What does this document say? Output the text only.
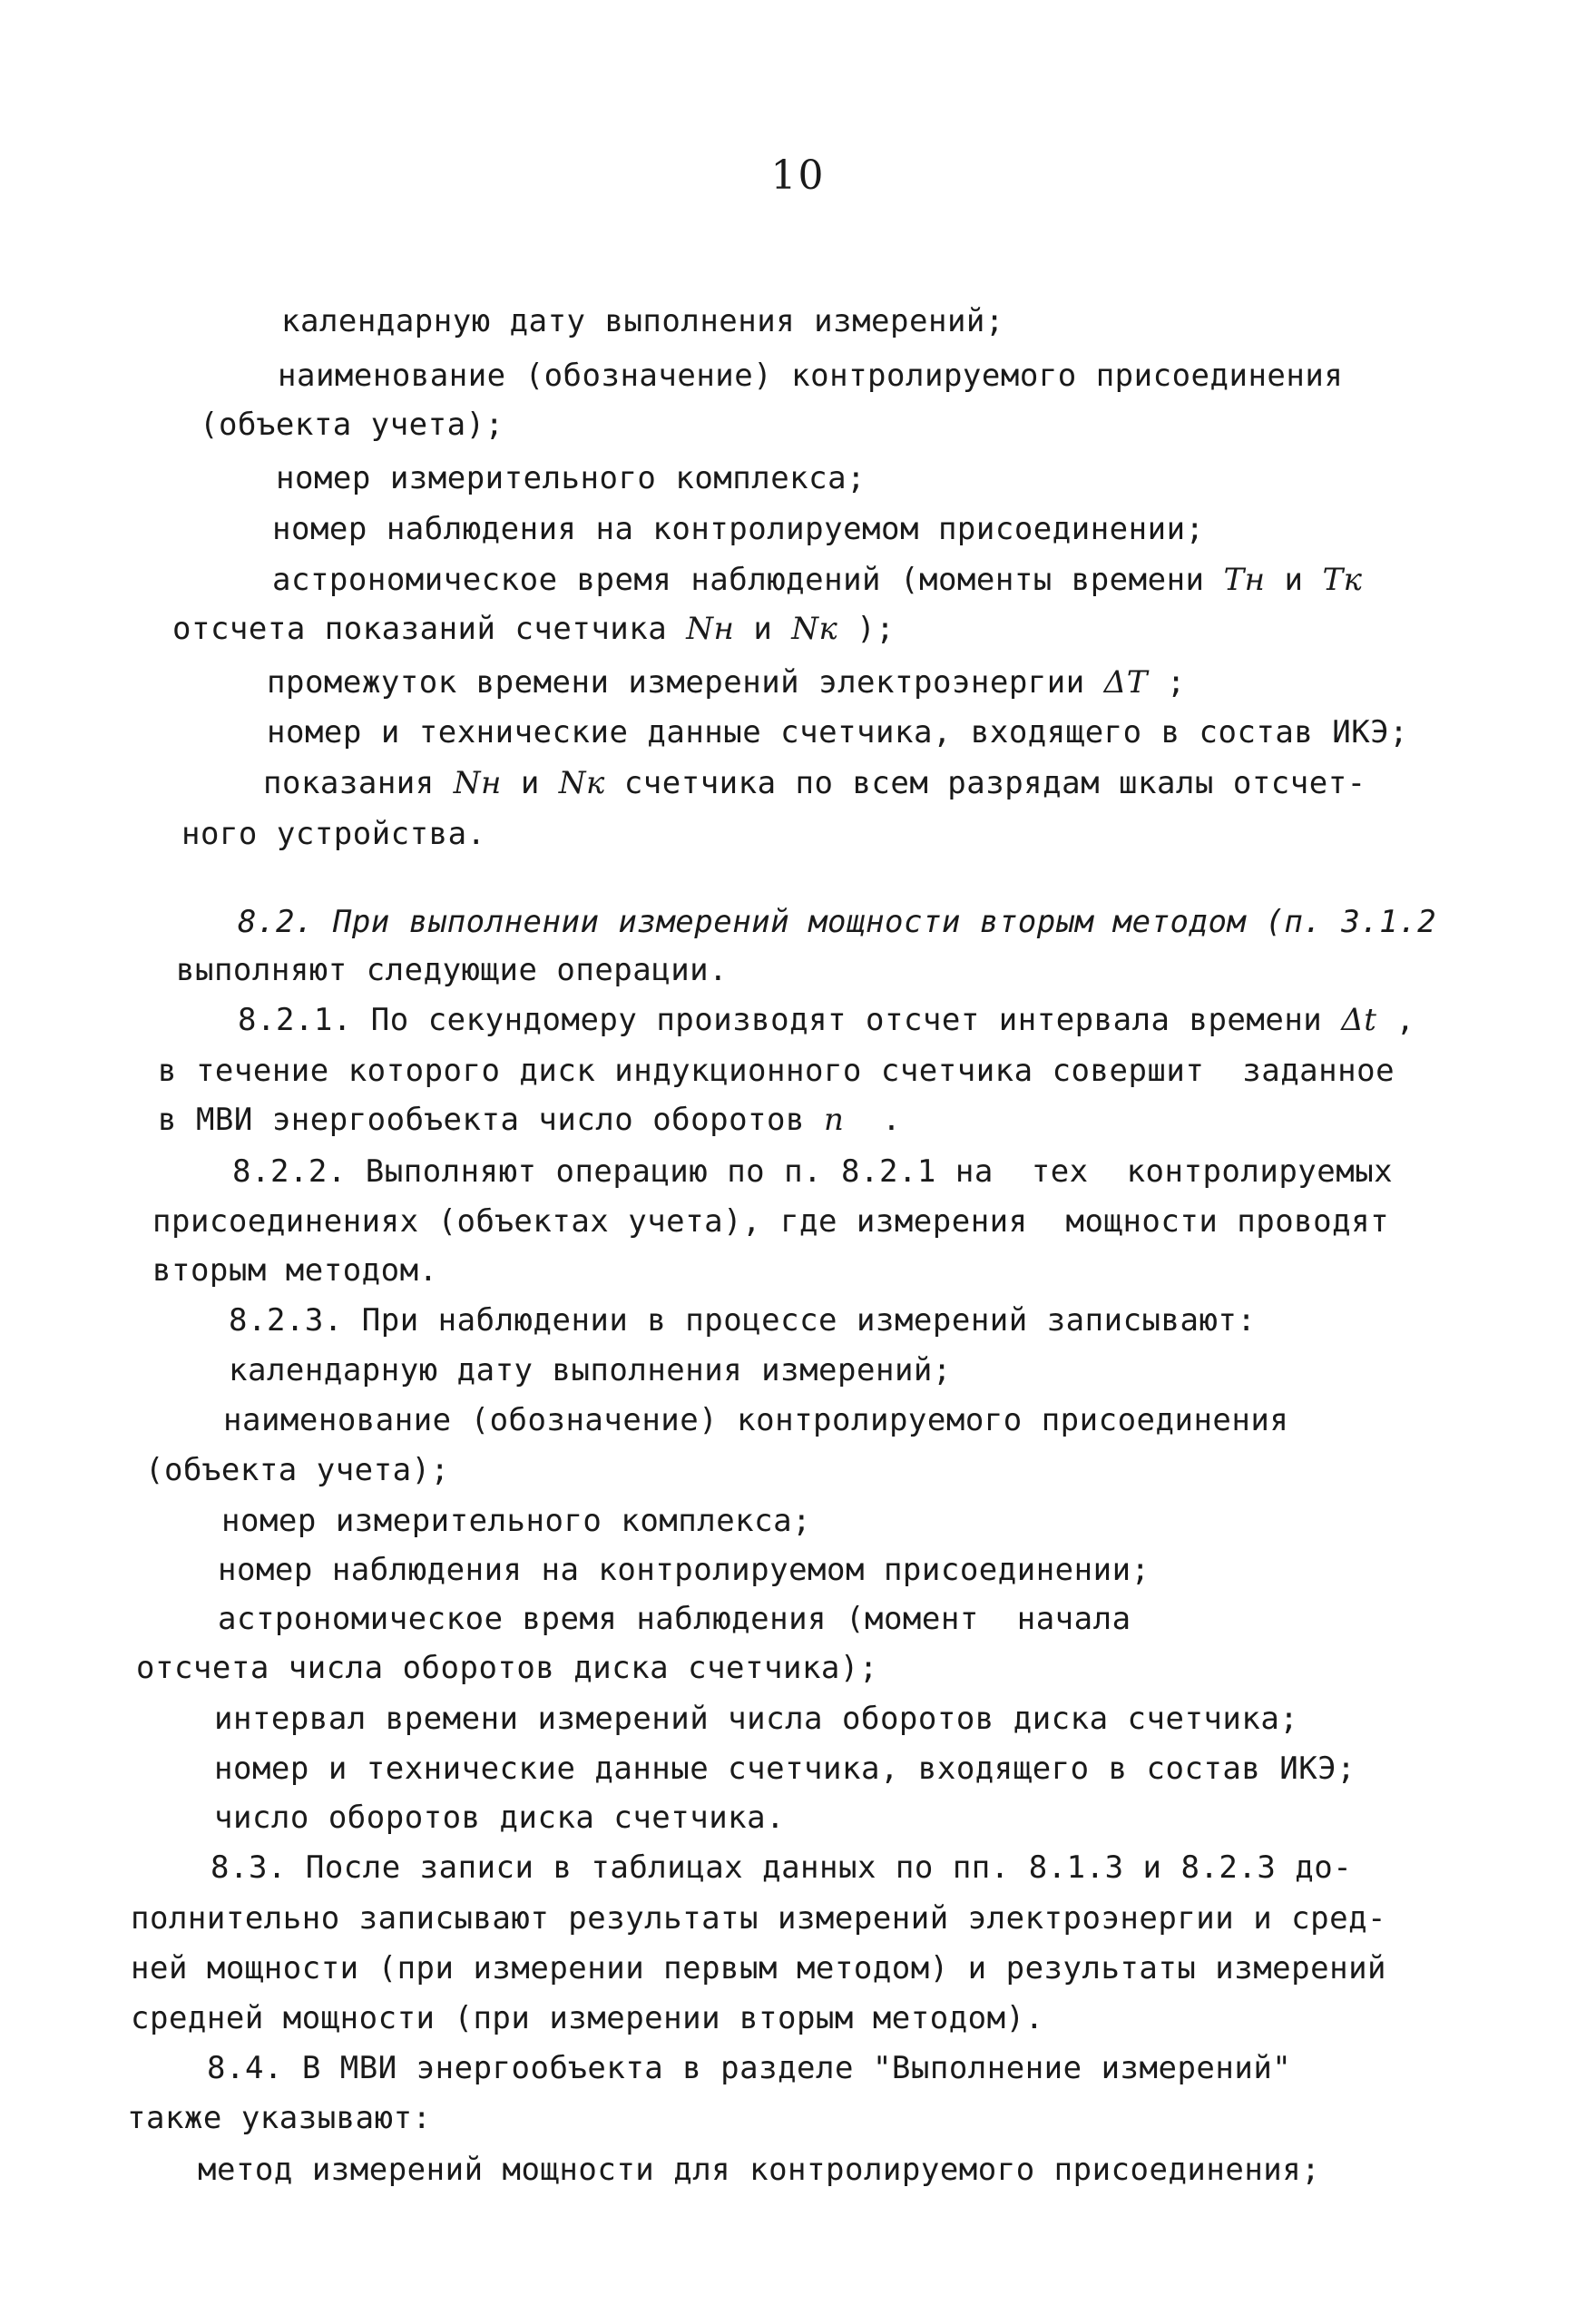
10
календарную дату выполнения измерений;
наименование (обозначение) контролируемого присоединения
(объекта учета);
номер измерительного комплекса;
номер наблюдения на контролируемом присоединении;
астрономическое время наблюдений (моменты времени Тн и Тк
отсчета показаний счетчика Nн и Nк );
промежуток времени измерений электроэнергии ΔТ ;
номер и технические данные счетчика, входящего в состав ИКЭ;
показания Nн и Nк счетчика по всем разрядам шкалы отсчет-
ного устройства.
8.2. При выполнении измерений мощности вторым методом (п. 3.1.2
выполняют следующие операции.
8.2.1. По секундомеру производят отсчет интервала времени Δt ,
в течение которого диск индукционного счетчика совершит  заданное
в МВИ энергообъекта число оборотов n  .
8.2.2. Выполняют операцию по п. 8.2.1 на  тех  контролируемых
присоединениях (объектах учета), где измерения  мощности проводят
вторым методом.
8.2.3. При наблюдении в процессе измерений записывают:
календарную дату выполнения измерений;
наименование (обозначение) контролируемого присоединения
(объекта учета);
номер измерительного комплекса;
номер наблюдения на контролируемом присоединении;
астрономическое время наблюдения (момент  начала
отсчета числа оборотов диска счетчика);
интервал времени измерений числа оборотов диска счетчика;
номер и технические данные счетчика, входящего в состав ИКЭ;
число оборотов диска счетчика.
8.3. После записи в таблицах данных по пп. 8.1.3 и 8.2.3 до-
полнительно записывают результаты измерений электроэнергии и сред-
ней мощности (при измерении первым методом) и результаты измерений
средней мощности (при измерении вторым методом).
8.4. В МВИ энергообъекта в разделе "Выполнение измерений"
также указывают:
метод измерений мощности для контролируемого присоединения;
